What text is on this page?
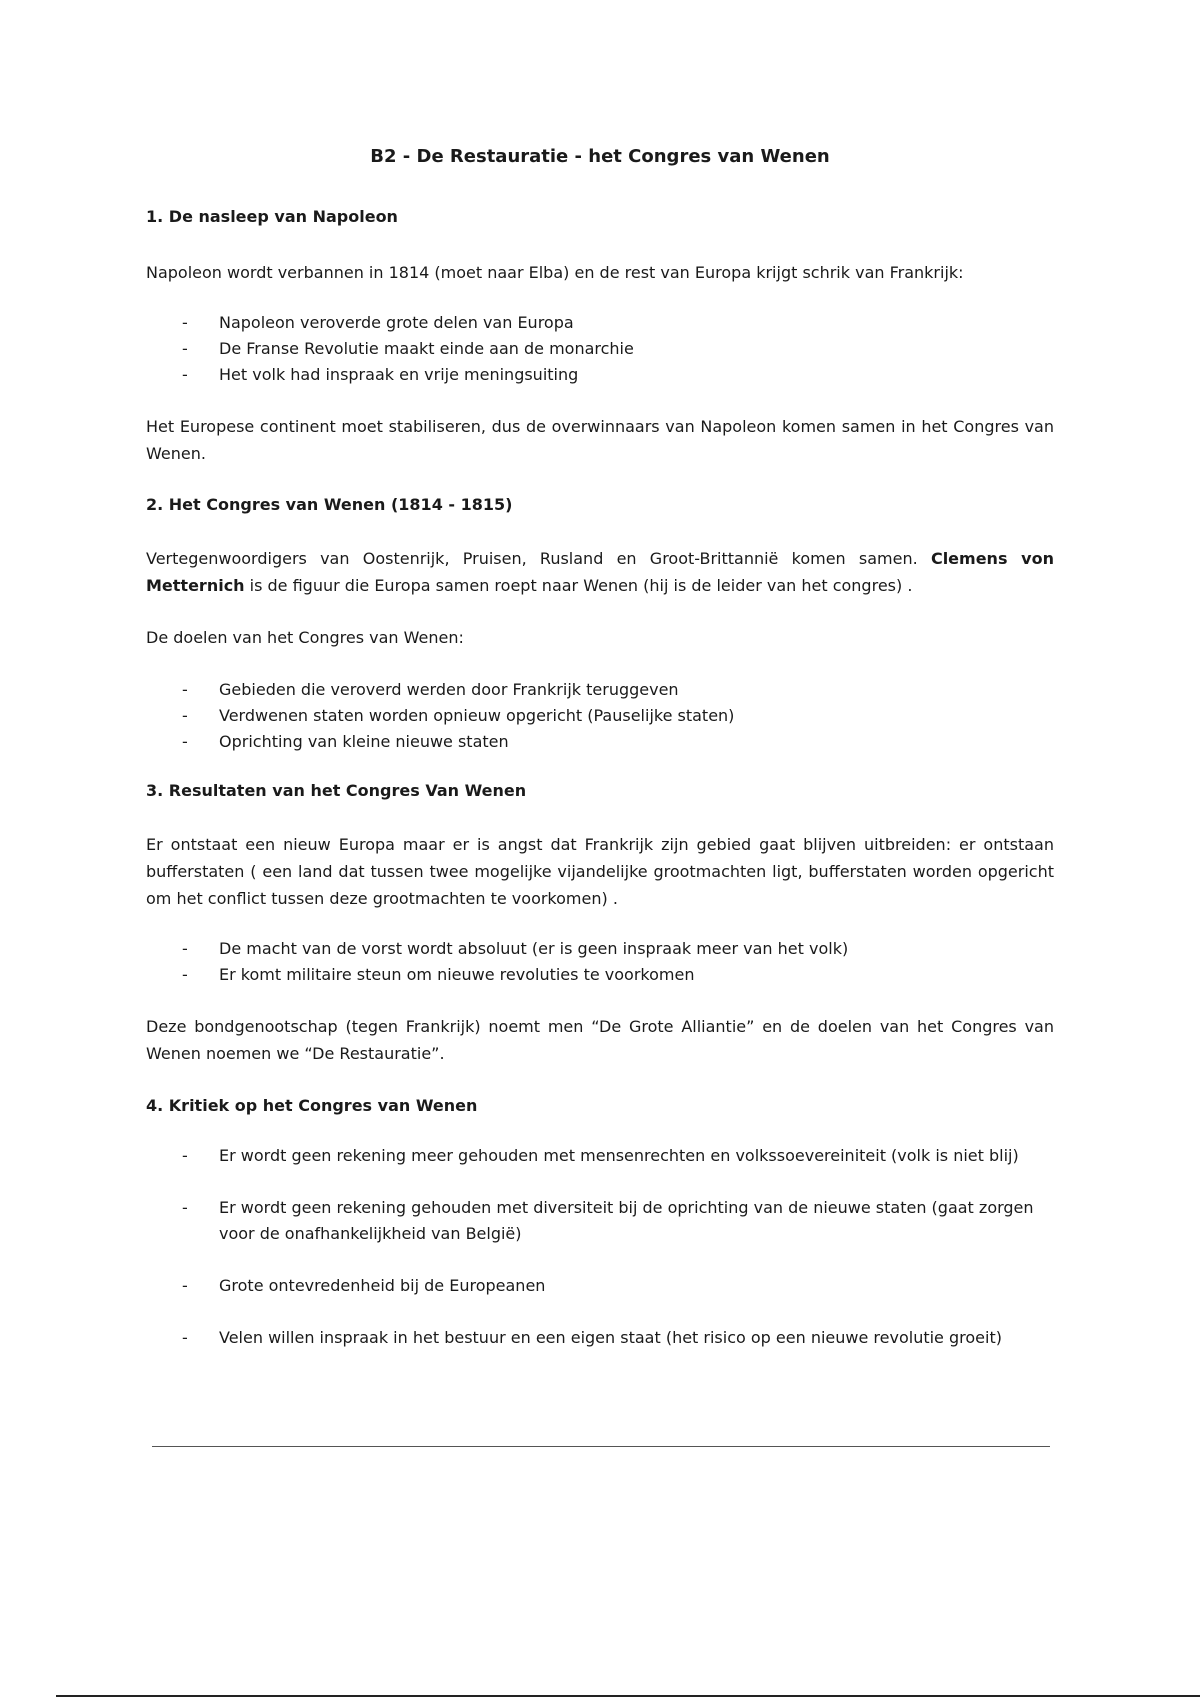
B2 - De Restauratie - het Congres van Wenen
1. De nasleep van Napoleon

Napoleon wordt verbannen in 1814 (moet naar Elba) en de rest van Europa krijgt schrik van Frankrijk:

- Napoleon veroverde grote delen van Europa
- De Franse Revolutie maakt einde aan de monarchie
- Het volk had inspraak en vrije meningsuiting

Het Europese continent moet stabiliseren, dus de overwinnaars van Napoleon komen samen in het Congres van Wenen.

2. Het Congres van Wenen (1814 - 1815)

Vertegenwoordigers van Oostenrijk, Pruisen, Rusland en Groot-Brittannië komen samen. Clemens von Metternich is de figuur die Europa samen roept naar Wenen (hij is de leider van het congres) .

De doelen van het Congres van Wenen:

- Gebieden die veroverd werden door Frankrijk teruggeven
- Verdwenen staten worden opnieuw opgericht (Pauselijke staten)
- Oprichting van kleine nieuwe staten
3. Resultaten van het Congres Van Wenen

Er ontstaat een nieuw Europa maar er is angst dat Frankrijk zijn gebied gaat blijven uitbreiden: er ontstaan bufferstaten ( een land dat tussen twee mogelijke vijandelijke grootmachten ligt, bufferstaten worden opgericht om het conflict tussen deze grootmachten te voorkomen) .

- De macht van de vorst wordt absoluut (er is geen inspraak meer van het volk)
- Er komt militaire steun om nieuwe revoluties te voorkomen

Deze bondgenootschap (tegen Frankrijk) noemt men “De Grote Alliantie” en de doelen van het Congres van Wenen noemen we “De Restauratie”.

4. Kritiek op het Congres van Wenen
- Er wordt geen rekening meer gehouden met mensenrechten en volkssoevereiniteit (volk is niet blij)
- Er wordt geen rekening gehouden met diversiteit bij de oprichting van de nieuwe staten (gaat zorgen voor de onafhankelijkheid van België)
- Grote ontevredenheid bij de Europeanen
- Velen willen inspraak in het bestuur en een eigen staat (het risico op een nieuwe revolutie groeit)
